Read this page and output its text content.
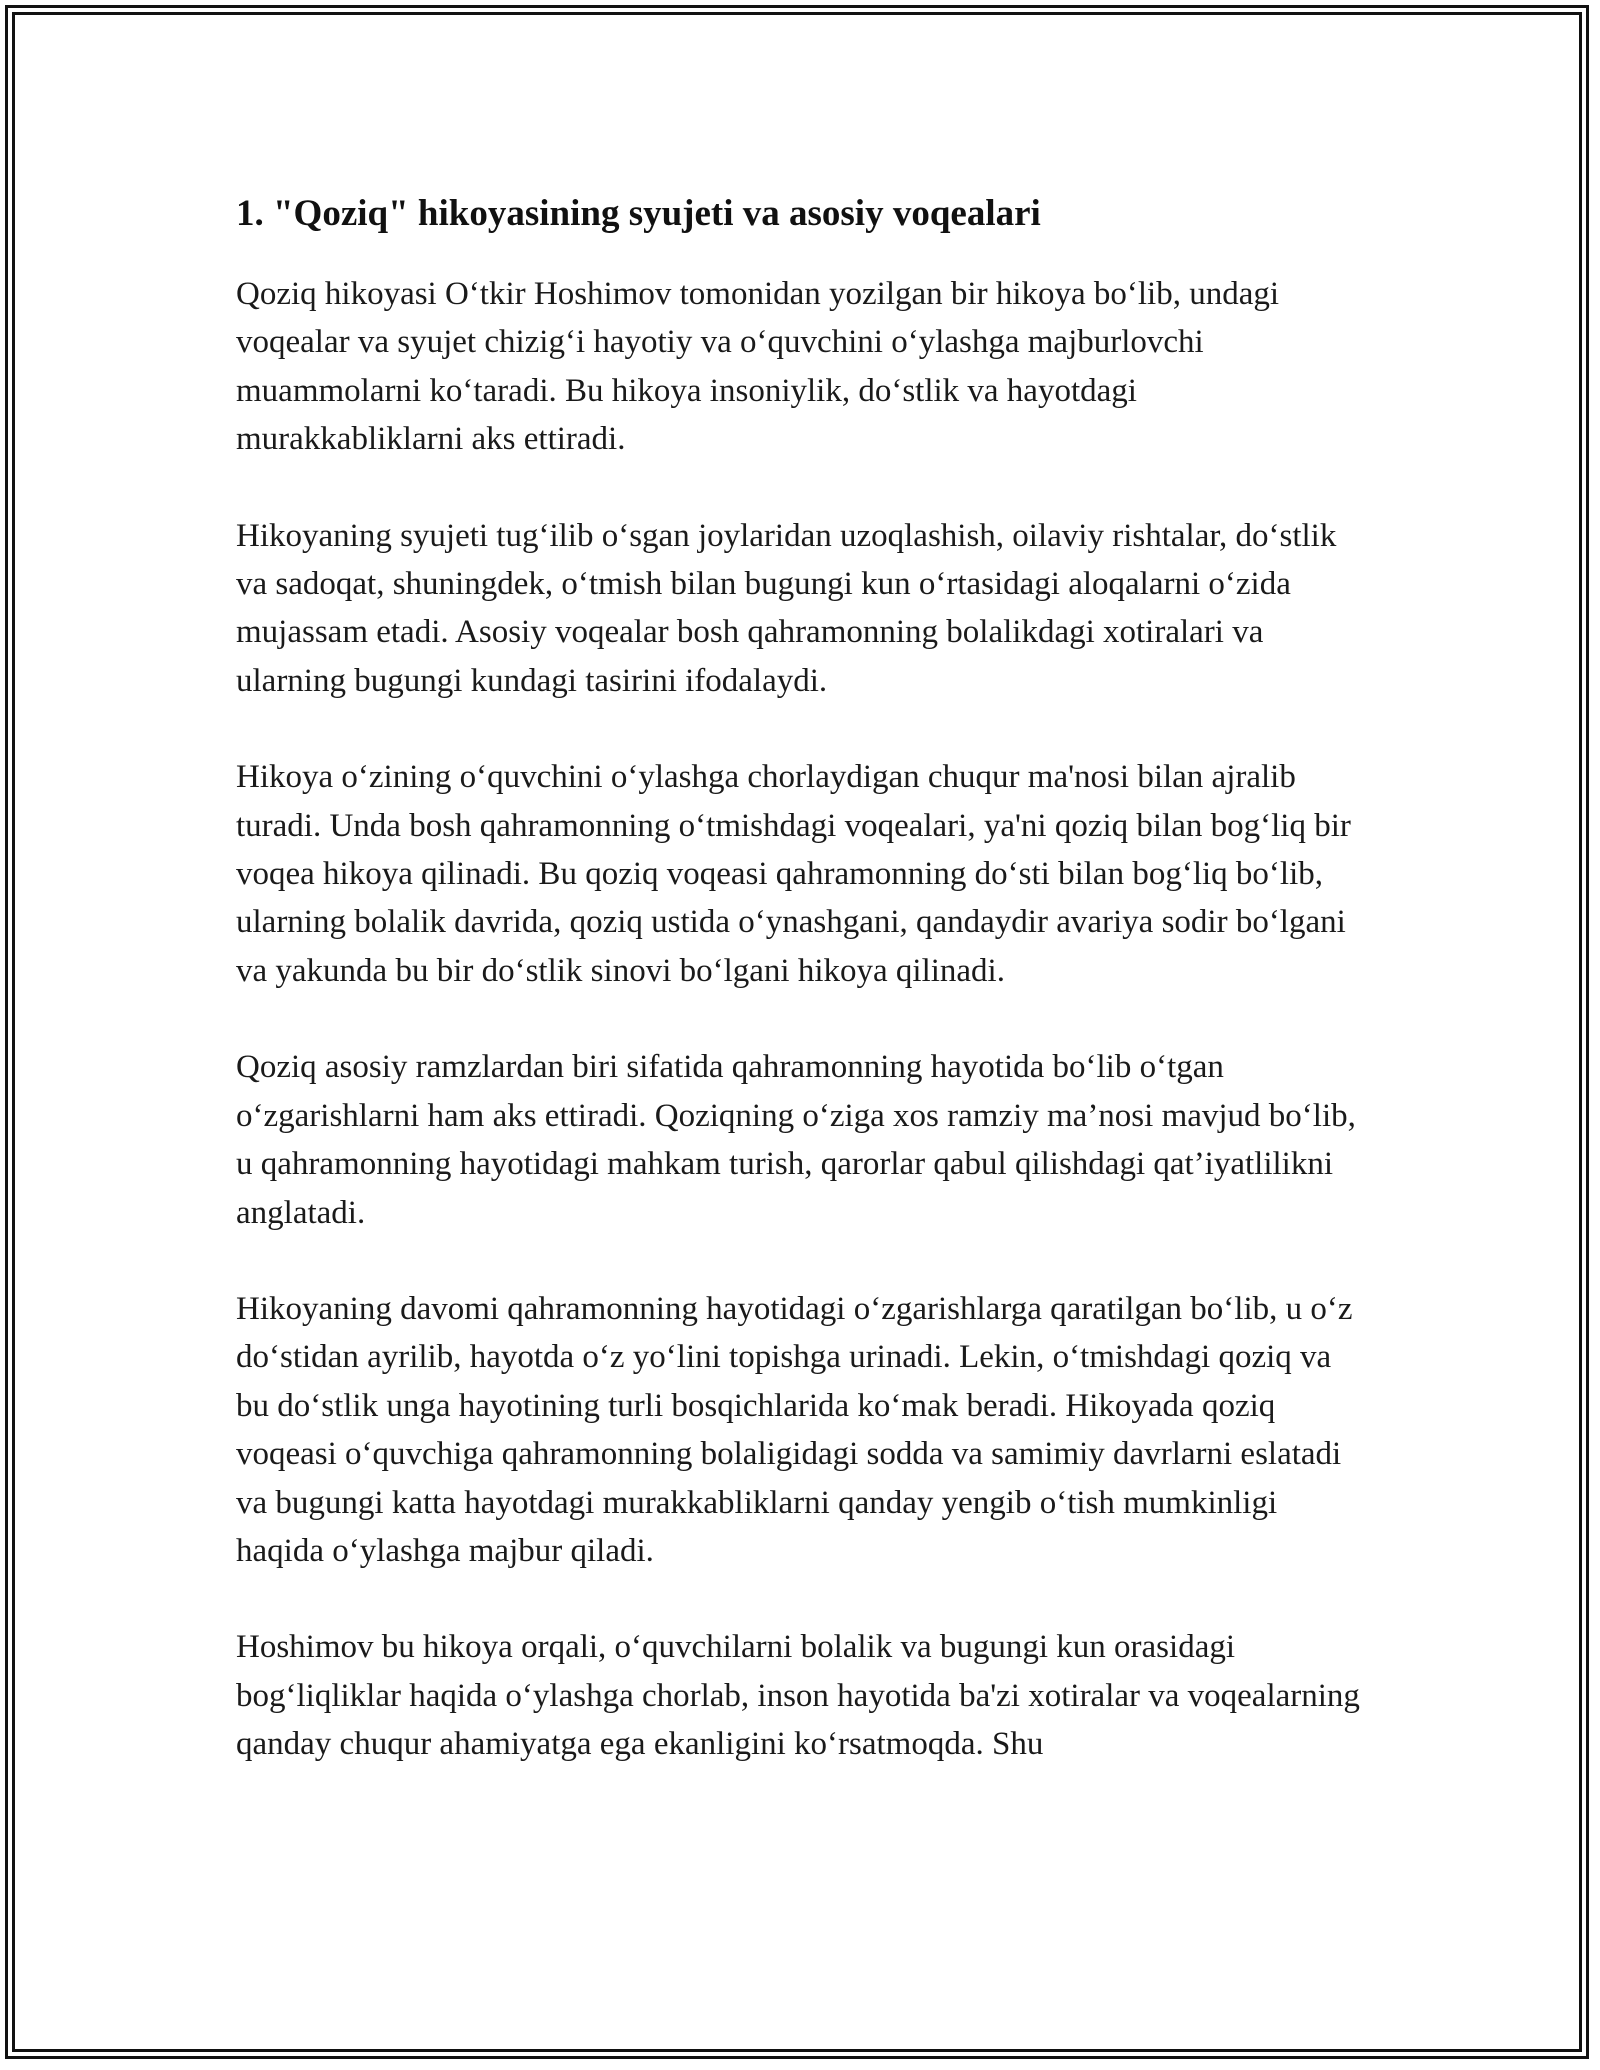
1. "Qoziq" hikoyasining syujeti va asosiy voqealari

Qoziq hikoyasi O‘tkir Hoshimov tomonidan yozilgan bir hikoya bo‘lib, undagi voqealar va syujet chizig‘i hayotiy va o‘quvchini o‘ylashga majburlovchi muammolarni ko‘taradi. Bu hikoya insoniylik, do‘stlik va hayotdagi murakkabliklarni aks ettiradi.

Hikoyaning syujeti tug‘ilib o‘sgan joylaridan uzoqlashish, oilaviy rishtalar, do‘stlik va sadoqat, shuningdek, o‘tmish bilan bugungi kun o‘rtasidagi aloqalarni o‘zida mujassam etadi. Asosiy voqealar bosh qahramonning bolalikdagi xotiralari va ularning bugungi kundagi tasirini ifodalaydi.

Hikoya o‘zining o‘quvchini o‘ylashga chorlaydigan chuqur ma'nosi bilan ajralib turadi. Unda bosh qahramonning o‘tmishdagi voqealari, ya'ni qoziq bilan bog‘liq bir voqea hikoya qilinadi. Bu qoziq voqeasi qahramonning do‘sti bilan bog‘liq bo‘lib, ularning bolalik davrida, qoziq ustida o‘ynashgani, qandaydir avariya sodir bo‘lgani va yakunda bu bir do‘stlik sinovi bo‘lgani hikoya qilinadi.

Qoziq asosiy ramzlardan biri sifatida qahramonning hayotida bo‘lib o‘tgan o‘zgarishlarni ham aks ettiradi. Qoziqning o‘ziga xos ramziy ma’nosi mavjud bo‘lib, u qahramonning hayotidagi mahkam turish, qarorlar qabul qilishdagi qat’iyatlilikni anglatadi.

Hikoyaning davomi qahramonning hayotidagi o‘zgarishlarga qaratilgan bo‘lib, u o‘z do‘stidan ayrilib, hayotda o‘z yo‘lini topishga urinadi. Lekin, o‘tmishdagi qoziq va bu do‘stlik unga hayotining turli bosqichlarida ko‘mak beradi. Hikoyada qoziq voqeasi o‘quvchiga qahramonning bolaligidagi sodda va samimiy davrlarni eslatadi va bugungi katta hayotdagi murakkabliklarni qanday yengib o‘tish mumkinligi haqida o‘ylashga majbur qiladi.

Hoshimov bu hikoya orqali, o‘quvchilarni bolalik va bugungi kun orasidagi bog‘liqliklar haqida o‘ylashga chorlab, inson hayotida ba'zi xotiralar va voqealarning qanday chuqur ahamiyatga ega ekanligini ko‘rsatmoqda. Shu
